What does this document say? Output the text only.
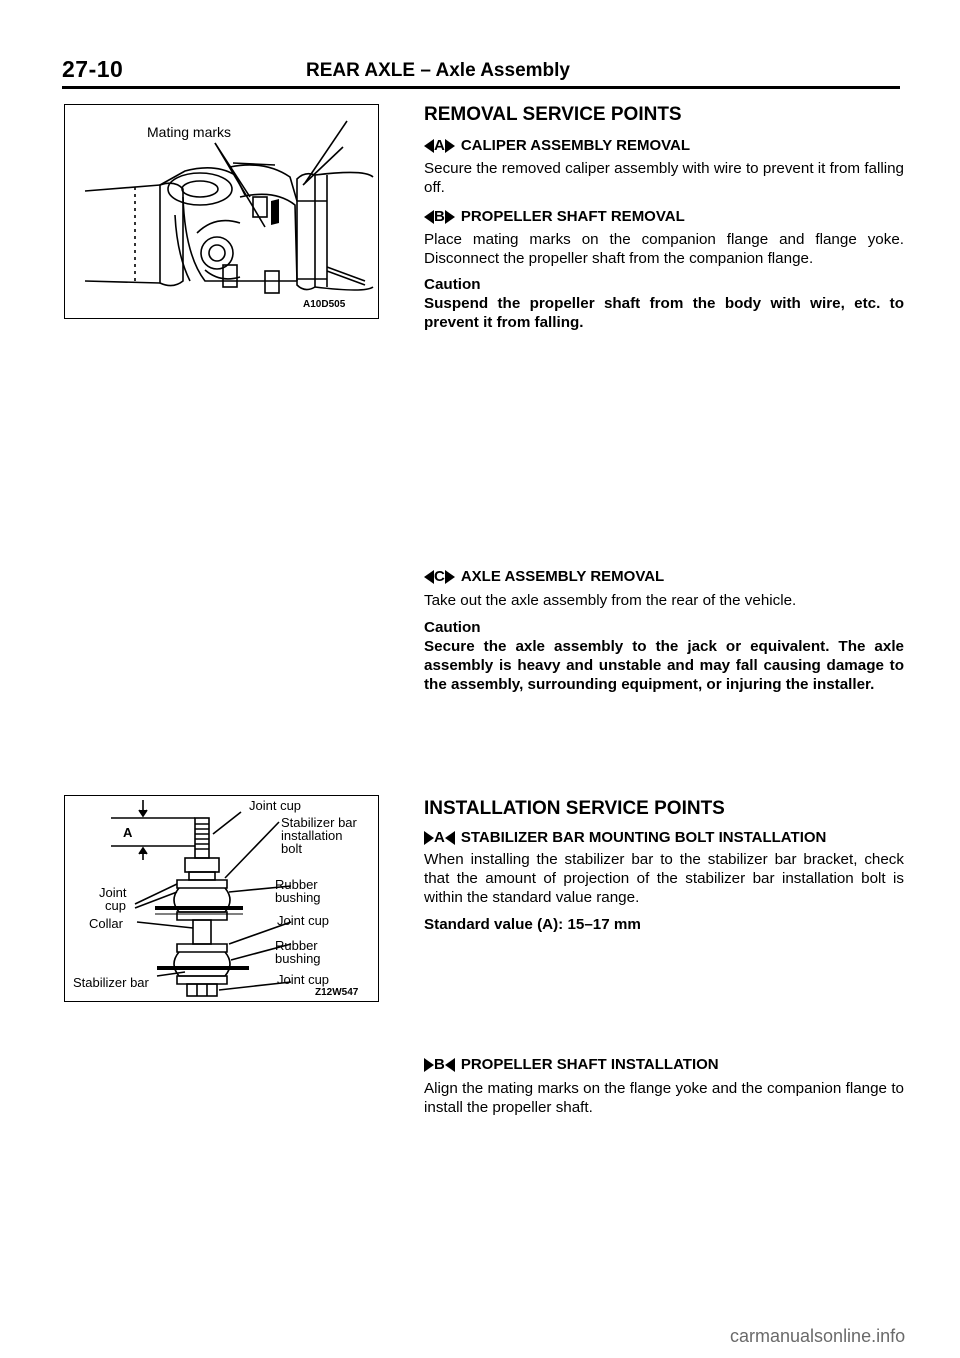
27-10	REAR AXLE – Axle Assembly
Mating marks
A10D505
REMOVAL SERVICE POINTS
A CALIPER ASSEMBLY REMOVAL

Secure the removed caliper assembly with wire to prevent it from falling off.

B PROPELLER SHAFT REMOVAL

Place mating marks on the companion flange and flange yoke. Disconnect the propeller shaft from the companion flange.

Caution

Suspend the propeller shaft from the body with wire, etc. to prevent it from falling.

C AXLE ASSEMBLY REMOVAL

Take out the axle assembly from the rear of the vehicle.

Caution

Secure the axle assembly to the jack or equivalent. The axle assembly is heavy and unstable and may fall causing damage to the assembly, surrounding equipment, or injuring the installer.

A
Joint cup
Stabilizer bar
installation
bolt
Joint
cup
Rubber
bushing
Collar	Joint cup
Rubber
bushing
Stabilizer bar	Joint cup
Z12W547
INSTALLATION SERVICE POINTS
A STABILIZER BAR MOUNTING BOLT INSTALLATION

When installing the stabilizer bar to the stabilizer bar bracket, check that the amount of projection of the stabilizer bar installation bolt is within the standard value range.

Standard value (A): 15–17 mm

B PROPELLER SHAFT INSTALLATION

Align the mating marks on the flange yoke and the companion flange to install the propeller shaft.

carmanualsonline.info
